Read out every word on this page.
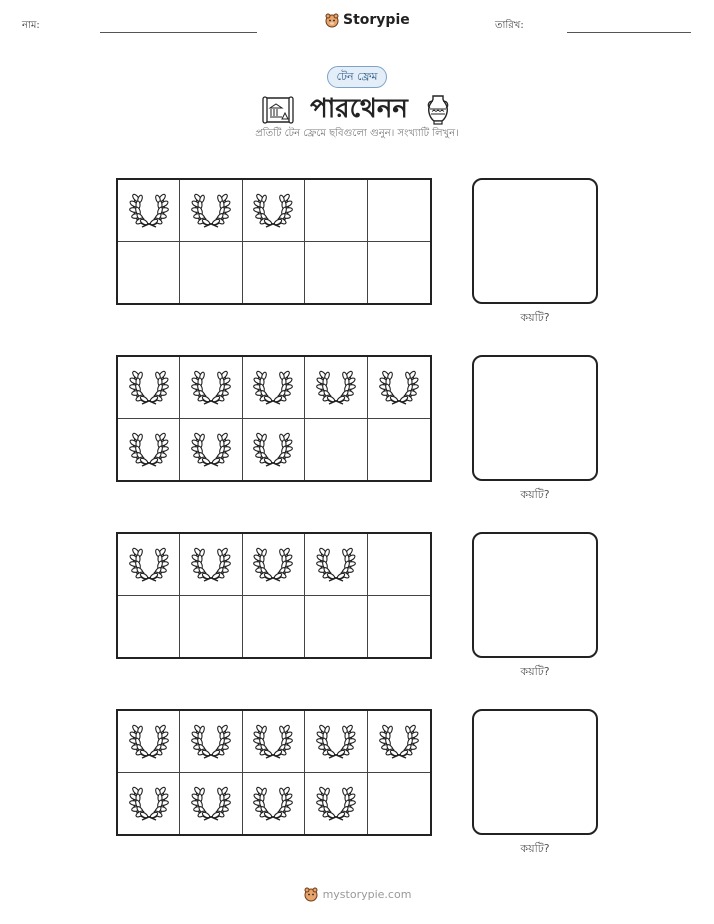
নাম:	Storypie	তারিখ:
টেন ফ্রেম
পারথেনন
প্রতিটি টেন ফ্রেমে ছবিগুলো গুনুন। সংখ্যাটি লিখুন।
কয়টি?
কয়টি?
কয়টি?
কয়টি?
mystorypie.com
